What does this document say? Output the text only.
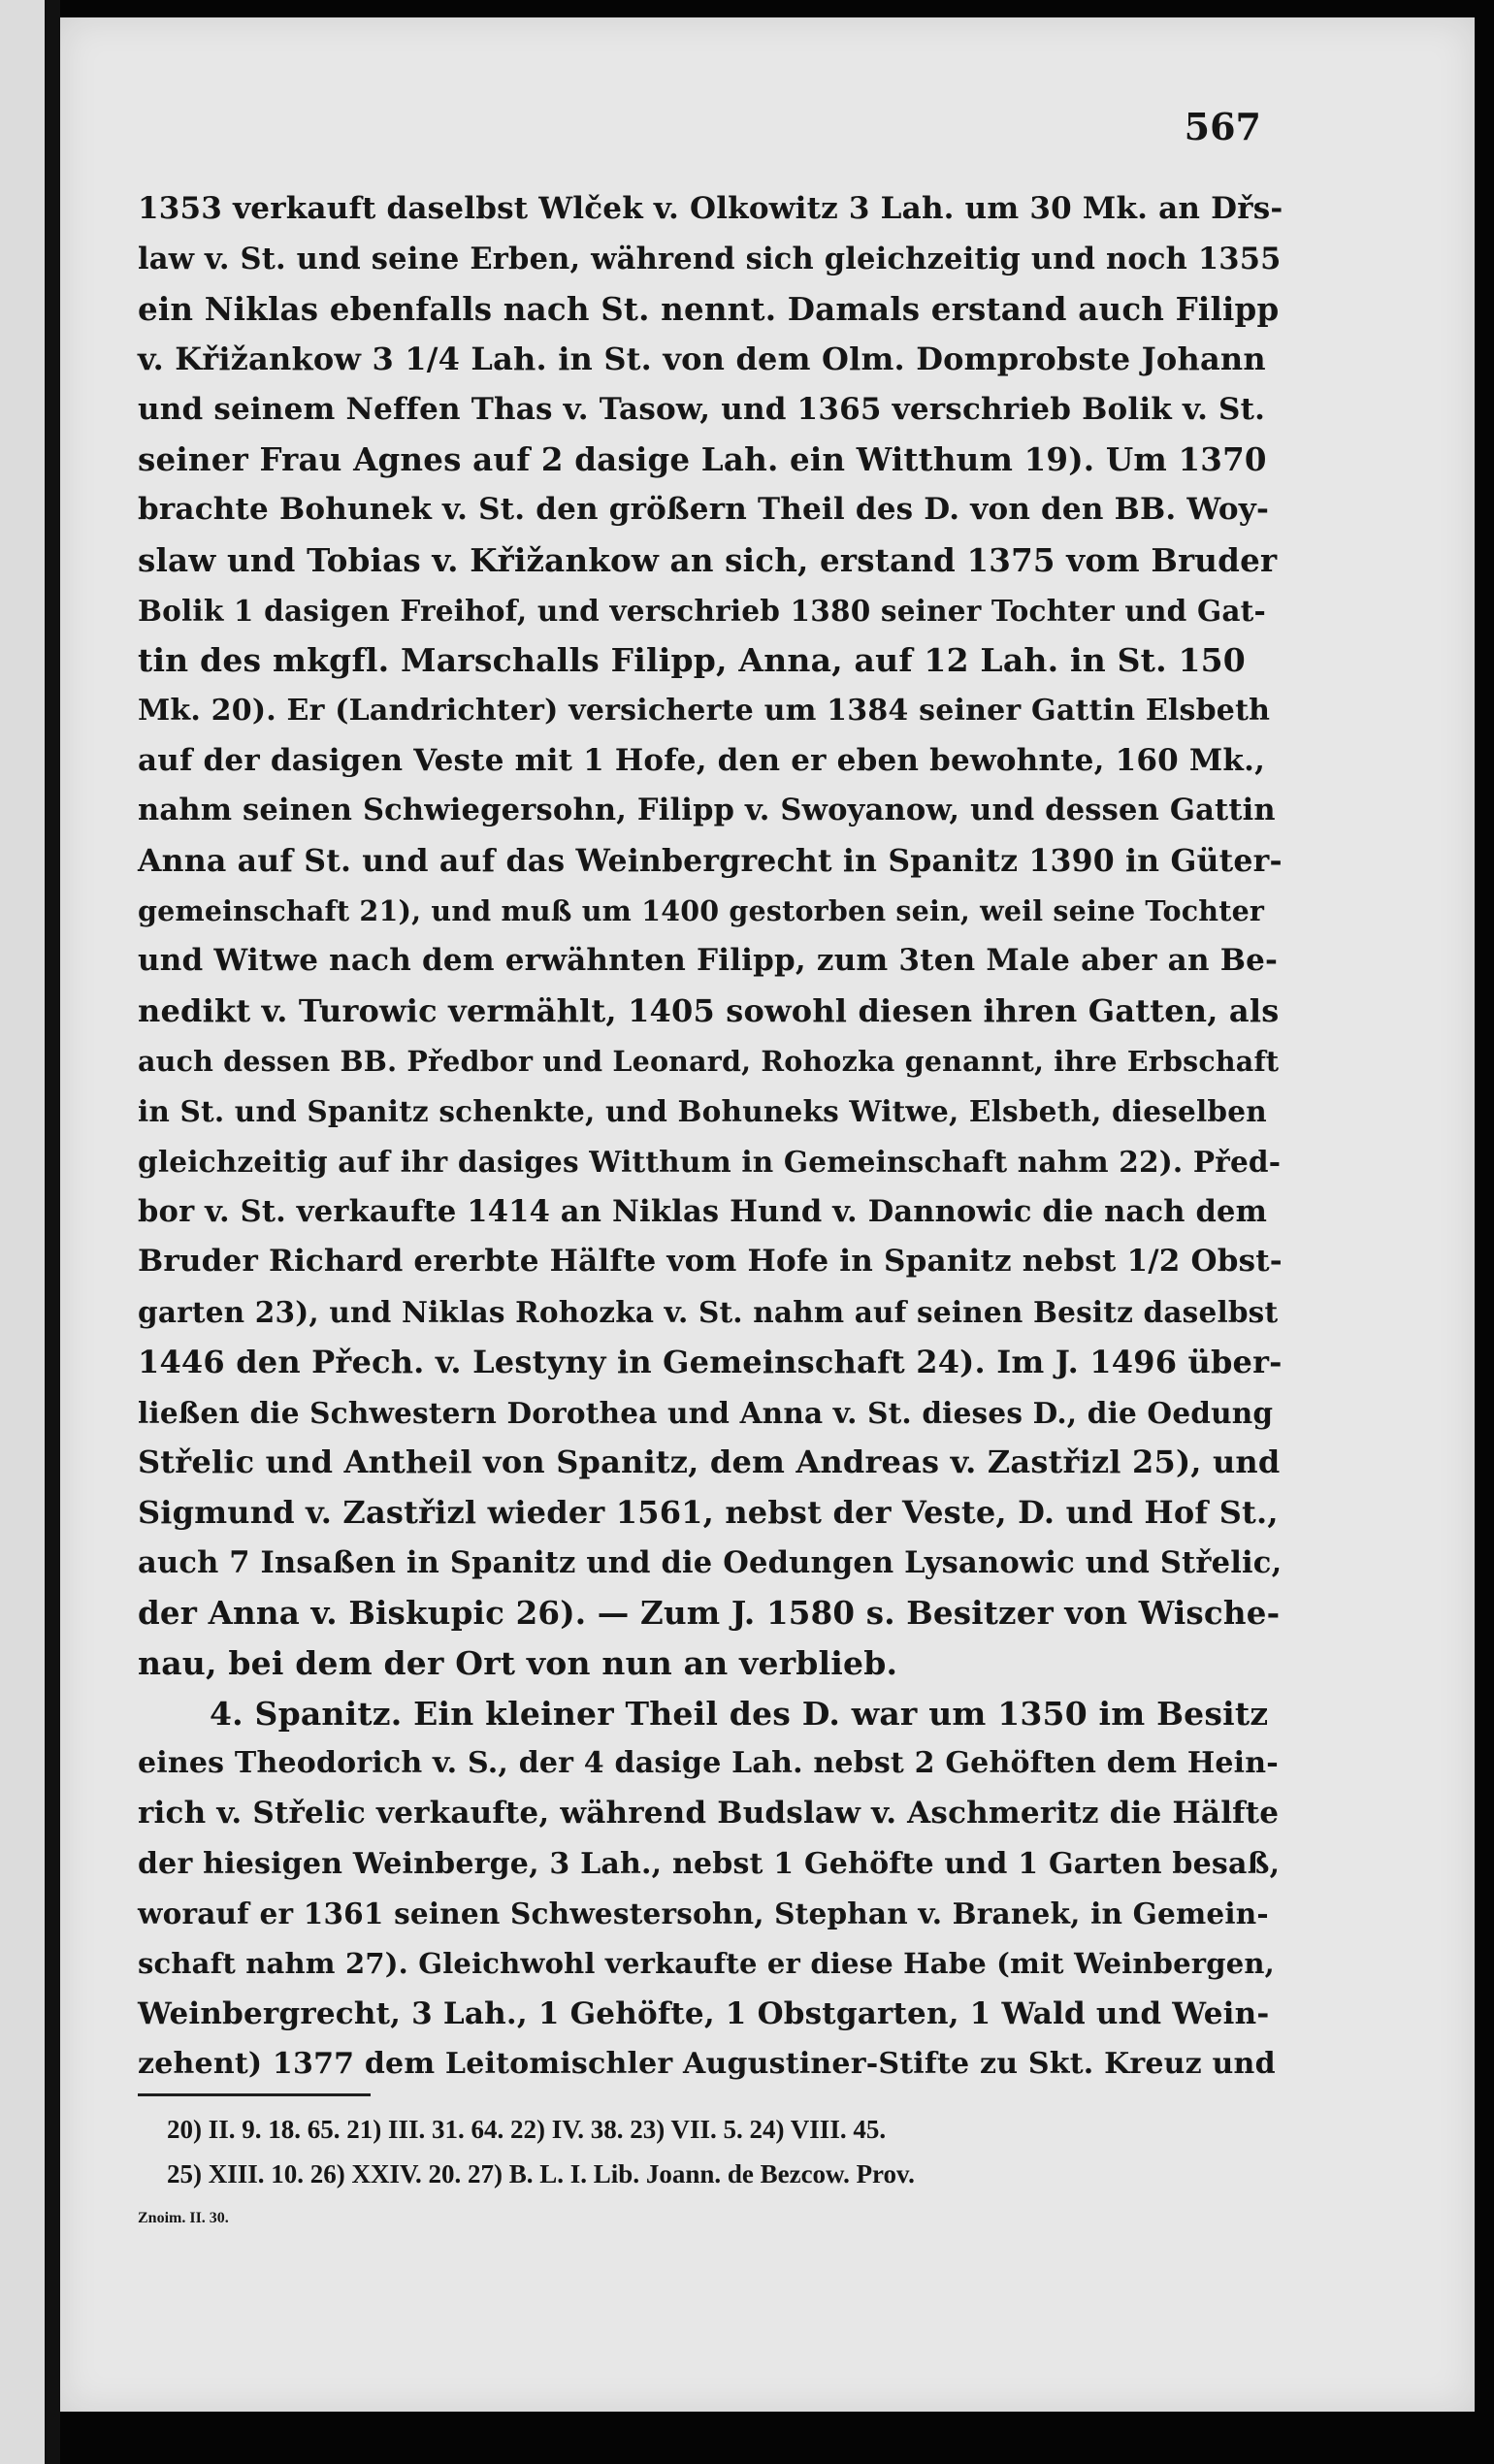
567
1353 verkauft daselbst Wlček v. Olkowitz 3 Lah. um 30 Mk. an Dřs-
law v. St. und seine Erben, während sich gleichzeitig und noch 1355
ein Niklas ebenfalls nach St. nennt. Damals erstand auch Filipp
v. Křižankow 3 1/4 Lah. in St. von dem Olm. Domprobste Johann
und seinem Neffen Thas v. Tasow, und 1365 verschrieb Bolik v. St.
seiner Frau Agnes auf 2 dasige Lah. ein Witthum 19). Um 1370
brachte Bohunek v. St. den größern Theil des D. von den BB. Woy-
slaw und Tobias v. Křižankow an sich, erstand 1375 vom Bruder
Bolik 1 dasigen Freihof, und verschrieb 1380 seiner Tochter und Gat-
tin des mkgfl. Marschalls Filipp, Anna, auf 12 Lah. in St. 150
Mk. 20). Er (Landrichter) versicherte um 1384 seiner Gattin Elsbeth
auf der dasigen Veste mit 1 Hofe, den er eben bewohnte, 160 Mk.,
nahm seinen Schwiegersohn, Filipp v. Swoyanow, und dessen Gattin
Anna auf St. und auf das Weinbergrecht in Spanitz 1390 in Güter-
gemeinschaft 21), und muß um 1400 gestorben sein, weil seine Tochter
und Witwe nach dem erwähnten Filipp, zum 3ten Male aber an Be-
nedikt v. Turowic vermählt, 1405 sowohl diesen ihren Gatten, als
auch dessen BB. Předbor und Leonard, Rohozka genannt, ihre Erbschaft
in St. und Spanitz schenkte, und Bohuneks Witwe, Elsbeth, dieselben
gleichzeitig auf ihr dasiges Witthum in Gemeinschaft nahm 22). Před-
bor v. St. verkaufte 1414 an Niklas Hund v. Dannowic die nach dem
Bruder Richard ererbte Hälfte vom Hofe in Spanitz nebst 1/2 Obst-
garten 23), und Niklas Rohozka v. St. nahm auf seinen Besitz daselbst
1446 den Přech. v. Lestyny in Gemeinschaft 24). Im J. 1496 über-
ließen die Schwestern Dorothea und Anna v. St. dieses D., die Oedung
Střelic und Antheil von Spanitz, dem Andreas v. Zastřizl 25), und
Sigmund v. Zastřizl wieder 1561, nebst der Veste, D. und Hof St.,
auch 7 Insaßen in Spanitz und die Oedungen Lysanowic und Střelic,
der Anna v. Biskupic 26). — Zum J. 1580 s. Besitzer von Wische-
nau, bei dem der Ort von nun an verblieb.
4. Spanitz. Ein kleiner Theil des D. war um 1350 im Besitz
eines Theodorich v. S., der 4 dasige Lah. nebst 2 Gehöften dem Hein-
rich v. Střelic verkaufte, während Budslaw v. Aschmeritz die Hälfte
der hiesigen Weinberge, 3 Lah., nebst 1 Gehöfte und 1 Garten besaß,
worauf er 1361 seinen Schwestersohn, Stephan v. Branek, in Gemein-
schaft nahm 27). Gleichwohl verkaufte er diese Habe (mit Weinbergen,
Weinbergrecht, 3 Lah., 1 Gehöfte, 1 Obstgarten, 1 Wald und Wein-
zehent) 1377 dem Leitomischler Augustiner-Stifte zu Skt. Kreuz und
20) II. 9. 18. 65. 21) III. 31. 64. 22) IV. 38. 23) VII. 5. 24) VIII. 45.
25) XIII. 10. 26) XXIV. 20. 27) B. L. I. Lib. Joann. de Bezcow. Prov.
Znoim. II. 30.
